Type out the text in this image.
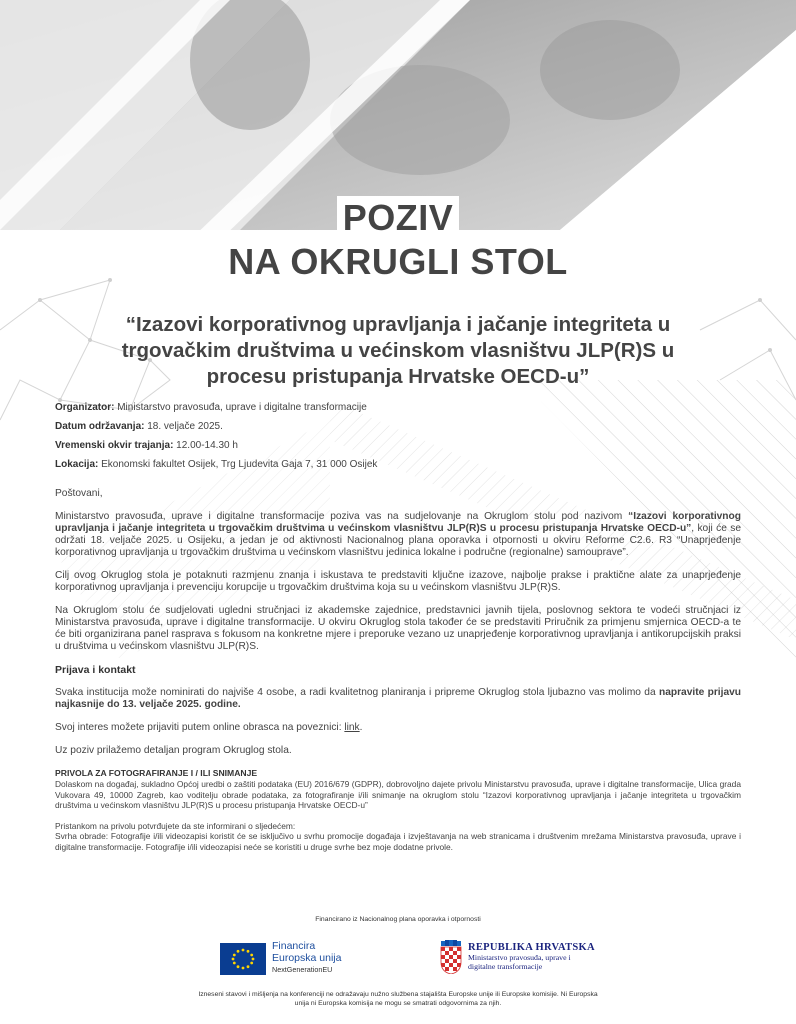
POZIV
NA OKRUGLI STOL
“Izazovi korporativnog upravljanja i jačanje integriteta u trgovačkim društvima u većinskom vlasništvu JLP(R)S u procesu pristupanja Hrvatske OECD-u”

Organizator: Ministarstvo pravosuđa, uprave i digitalne transformacije

Datum održavanja: 18. veljače 2025.

Vremenski okvir trajanja: 12.00-14.30 h

Lokacija: Ekonomski fakultet Osijek, Trg Ljudevita Gaja 7, 31 000 Osijek

Poštovani,

Ministarstvo pravosuđa, uprave i digitalne transformacije poziva vas na sudjelovanje na Okruglom stolu pod nazivom “Izazovi korporativnog upravljanja i jačanje integriteta u trgovačkim društvima u većinskom vlasništvu JLP(R)S u procesu pristupanja Hrvatske OECD-u”, koji će se održati 18. veljače 2025. u Osijeku, a jedan je od aktivnosti Nacionalnog plana oporavka i otpornosti u okviru Reforme C2.6. R3 “Unaprjeđenje korporativnog upravljanja u trgovačkim društvima u većinskom vlasništvu jedinica lokalne i područne (regionalne) samouprave”.

Cilj ovog Okruglog stola je potaknuti razmjenu znanja i iskustava te predstaviti ključne izazove, najbolje prakse i praktične alate za unaprjeđenje korporativnog upravljanja i prevenciju korupcije u trgovačkim društvima koja su u većinskom vlasništvu JLP(R)S.

Na Okruglom stolu će sudjelovati ugledni stručnjaci iz akademske zajednice, predstavnici javnih tijela, poslovnog sektora te vodeći stručnjaci iz Ministarstva pravosuđa, uprave i digitalne transformacije. U okviru Okruglog stola također će se predstaviti Priručnik za primjenu smjernica OECD-a te će biti organizirana panel rasprava s fokusom na konkretne mjere i preporuke vezano uz unaprjeđenje korporativnog upravljanja i antikorupcijskih praksi u društvima u većinskom vlasništvu JLP(R)S.

Prijava i kontakt

Svaka institucija može nominirati do najviše 4 osobe, a radi kvalitetnog planiranja i pripreme Okruglog stola ljubazno vas molimo da napravite prijavu najkasnije do 13. veljače 2025. godine.

Svoj interes možete prijaviti putem online obrasca na poveznici: link.

Uz poziv prilažemo detaljan program Okruglog stola.

PRIVOLA ZA FOTOGRAFIRANJE I / ILI SNIMANJE

Dolaskom na događaj, sukladno Općoj uredbi o zaštiti podataka (EU) 2016/679 (GDPR), dobrovoljno dajete privolu Ministarstvu pravosuđa, uprave i digitalne transformacije, Ulica grada Vukovara 49, 10000 Zagreb, kao voditelju obrade podataka, za fotografiranje i/ili snimanje na okruglom stolu “Izazovi korporativnog upravljanja i jačanje integriteta u trgovačkim društvima u većinskom vlasništvu JLP(R)S u procesu pristupanja Hrvatske OECD-u”

Pristankom na privolu potvrđujete da ste informirani o sljedećem:

Svrha obrade: Fotografije i/ili videozapisi koristit će se isključivo u svrhu promocije događaja i izvještavanja na web stranicama i društvenim mrežama Ministarstva pravosuđa, uprave i digitalne transformacije. Fotografije i/ili videozapisi neće se koristiti u druge svrhe bez moje dodatne privole.

Financirano iz Nacionalnog plana oporavka i otpornosti
Financira
Europska unija
NextGenerationEU
REPUBLIKA HRVATSKA
Ministarstvo pravosuđa, uprave i
digitalne transformacije
Izneseni stavovi i mišljenja na konferenciji ne odražavaju nužno službena stajališta Europske unije ili Europske komisije. Ni Europska unija ni Europska komisija ne mogu se smatrati odgovornima za njih.
